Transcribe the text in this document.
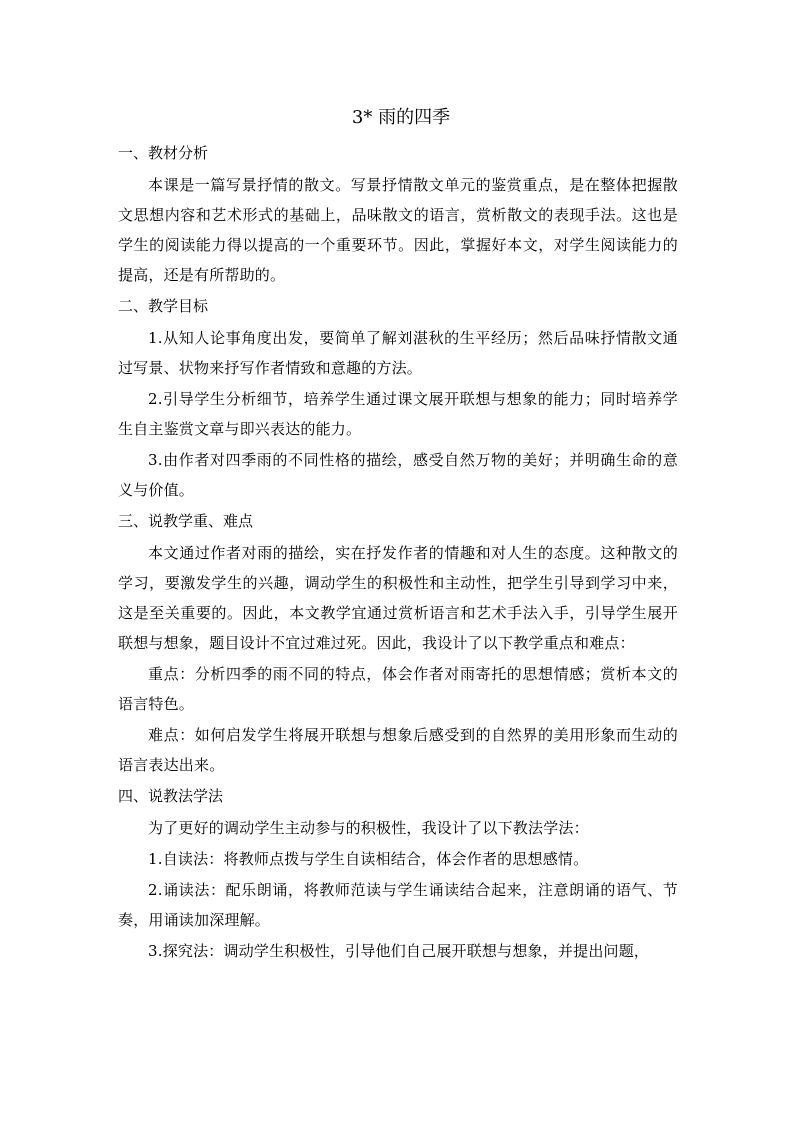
3* 雨的四季
一、教材分析

本课是一篇写景抒情的散文。写景抒情散文单元的鉴赏重点，是在整体把握散文思想内容和艺术形式的基础上，品味散文的语言，赏析散文的表现手法。这也是学生的阅读能力得以提高的一个重要环节。因此，掌握好本文，对学生阅读能力的提高，还是有所帮助的。

二、教学目标

1.从知人论事角度出发，要简单了解刘湛秋的生平经历；然后品味抒情散文通过写景、状物来抒写作者情致和意趣的方法。

2.引导学生分析细节，培养学生通过课文展开联想与想象的能力；同时培养学生自主鉴赏文章与即兴表达的能力。

3.由作者对四季雨的不同性格的描绘，感受自然万物的美好；并明确生命的意义与价值。

三、说教学重、难点

本文通过作者对雨的描绘，实在抒发作者的情趣和对人生的态度。这种散文的学习，要激发学生的兴趣，调动学生的积极性和主动性，把学生引导到学习中来，这是至关重要的。因此，本文教学宜通过赏析语言和艺术手法入手，引导学生展开联想与想象，题目设计不宜过难过死。因此，我设计了以下教学重点和难点：

重点：分析四季的雨不同的特点，体会作者对雨寄托的思想情感；赏析本文的语言特色。

难点：如何启发学生将展开联想与想象后感受到的自然界的美用形象而生动的语言表达出来。

四、说教法学法

为了更好的调动学生主动参与的积极性，我设计了以下教法学法：

1.自读法：将教师点拨与学生自读相结合，体会作者的思想感情。

2.诵读法：配乐朗诵，将教师范读与学生诵读结合起来，注意朗诵的语气、节奏，用诵读加深理解。

3.探究法：调动学生积极性，引导他们自己展开联想与想象，并提出问题，
